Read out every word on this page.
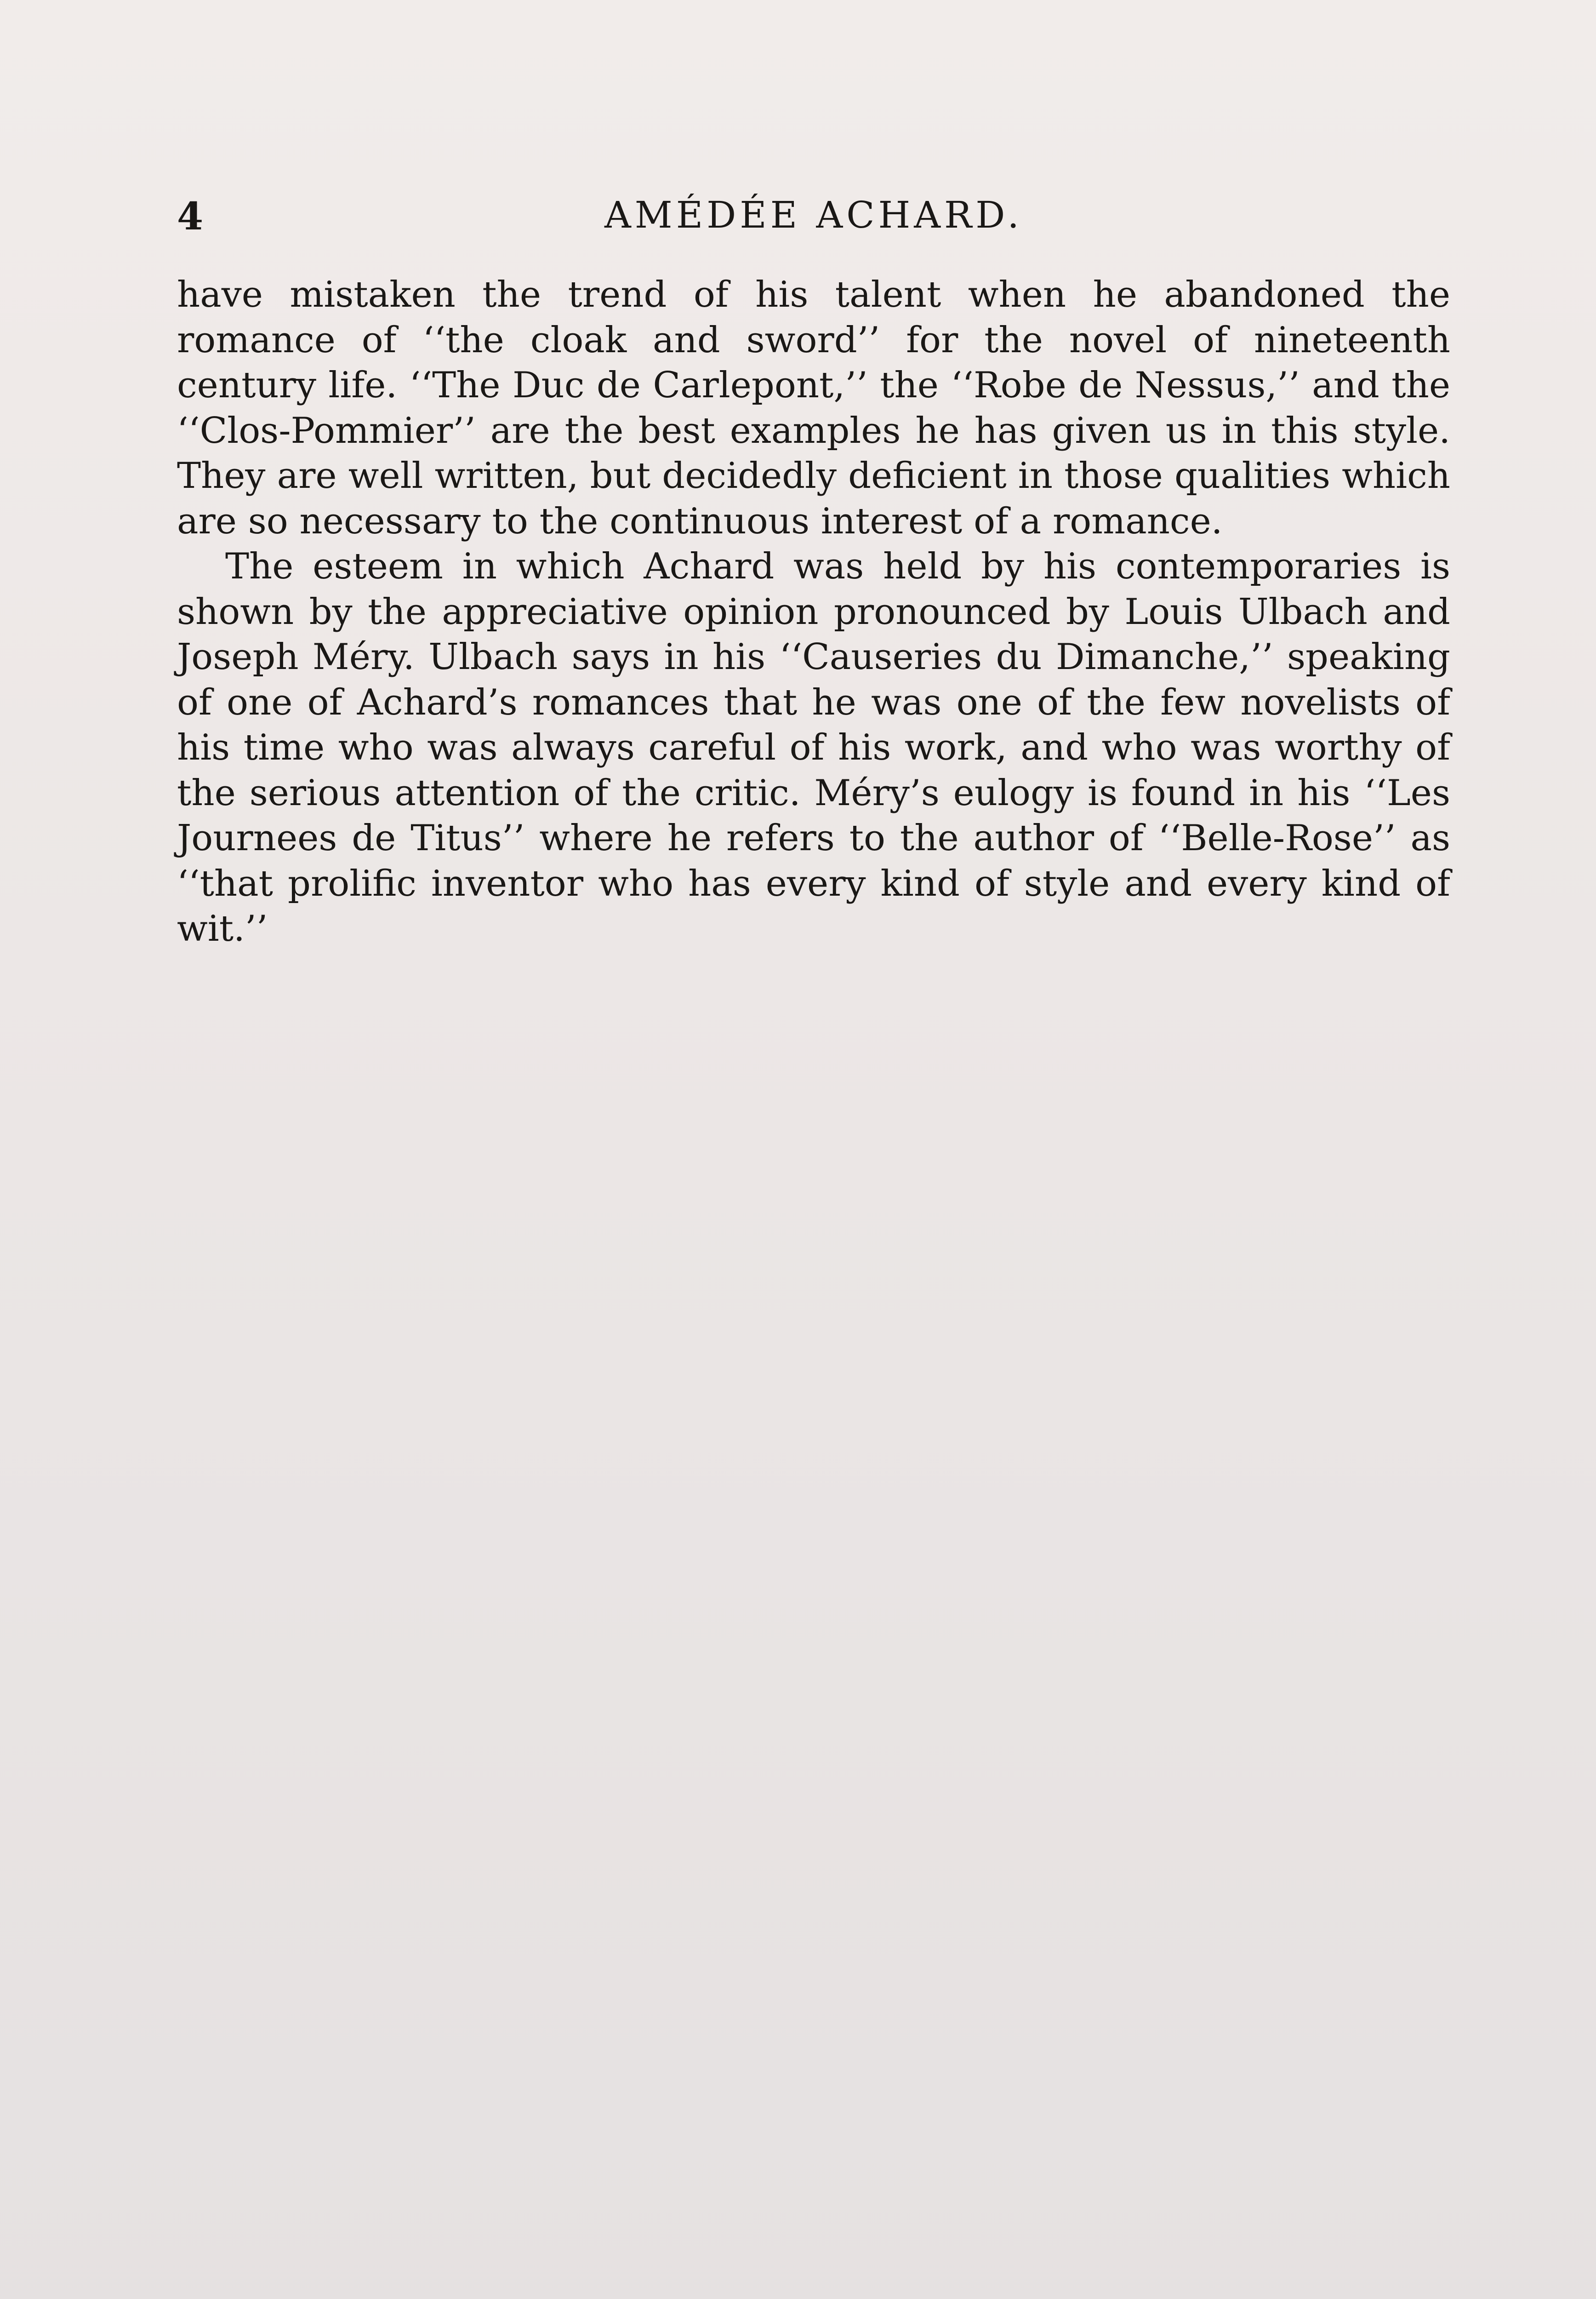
4	AMÉDÉE ACHARD.

have mistaken the trend of his talent when he abandoned the romance of ‘‘the cloak and sword’’ for the novel of nineteenth century life. ‘‘The Duc de Carlepont,’’ the ‘‘Robe de Nessus,’’ and the ‘‘Clos-Pommier’’ are the best examples he has given us in this style. They are well written, but decidedly deficient in those qualities which are so necessary to the continuous interest of a romance.

The esteem in which Achard was held by his contemporaries is shown by the appreciative opinion pronounced by Louis Ulbach and Joseph Méry. Ulbach says in his ‘‘Causeries du Dimanche,’’ speaking of one of Achard’s romances that he was one of the few novelists of his time who was always careful of his work, and who was worthy of the serious attention of the critic. Méry’s eulogy is found in his ‘‘Les Journees de Titus’’ where he refers to the author of ‘‘Belle-Rose’’ as ‘‘that prolific inventor who has every kind of style and every kind of wit.’’
